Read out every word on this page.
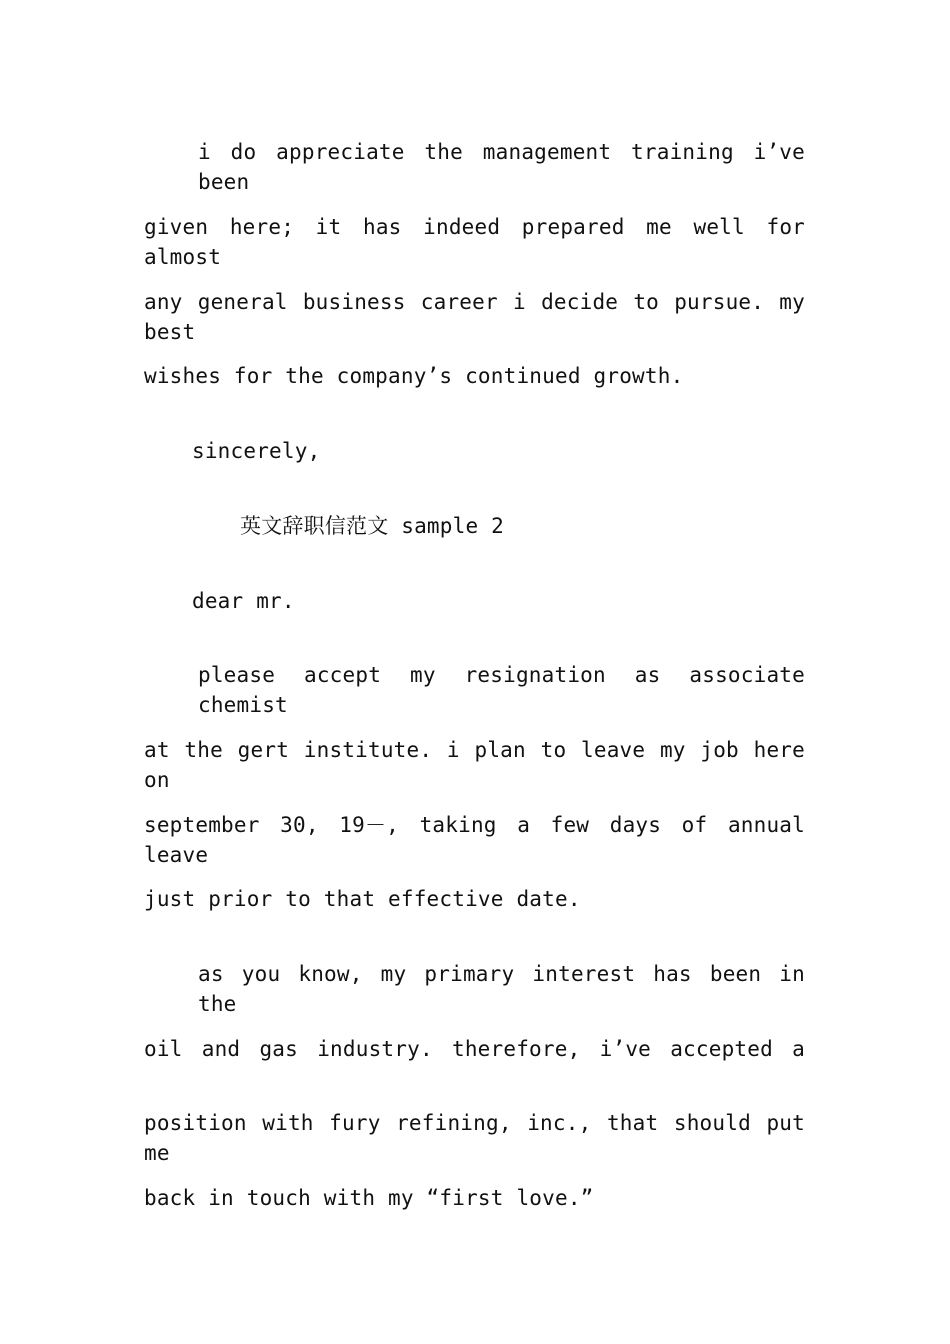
i do appreciate the management training i’ve been
given here; it has indeed prepared me well for almost
any general business career i decide to pursue. my best
wishes for the company’s continued growth.
sincerely,
英文辞职信范文 sample 2
dear mr.
please accept my resignation as associate chemist
at the gert institute. i plan to leave my job here on
september 30, 19－, taking a few days of annual leave
just prior to that effective date.
as you know, my primary interest has been in the
oil and gas industry. therefore, i’ve accepted a
position with fury refining, inc., that should put me
back in touch with my “first love.”
